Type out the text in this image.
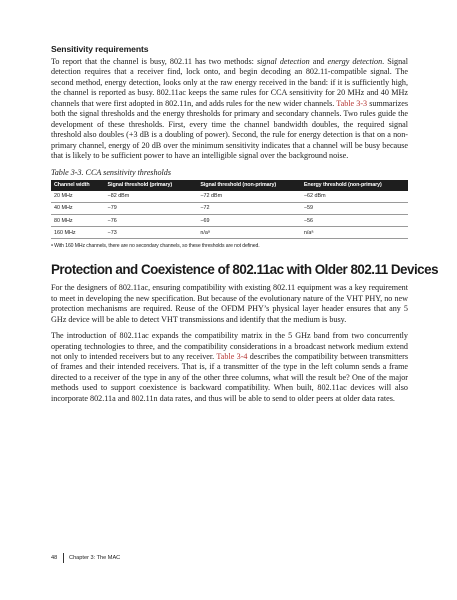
Sensitivity requirements

To report that the channel is busy, 802.11 has two methods: signal detection and energy detection. Signal detection requires that a receiver find, lock onto, and begin decoding an 802.11-compatible signal. The second method, energy detection, looks only at the raw energy received in the band: if it is sufficiently high, the channel is reported as busy. 802.11ac keeps the same rules for CCA sensitivity for 20 MHz and 40 MHz channels that were first adopted in 802.11n, and adds rules for the new wider channels. Table 3-3 summarizes both the signal thresholds and the energy thresholds for primary and secondary channels. Two rules guide the development of these thresholds. First, every time the channel bandwidth doubles, the required signal threshold also doubles (+3 dB is a doubling of power). Second, the rule for energy detection is that on a non-primary channel, energy of 20 dB over the minimum sensitivity indicates that a channel will be busy because that is likely to be sufficient power to have an intelligible signal over the background noise.

Table 3-3. CCA sensitivity thresholds
Channel width	Signal threshold (primary)	Signal threshold (non-primary)	Energy threshold (non-primary)
20 MHz	−82 dBm	−72 dBm	−62 dBm
40 MHz	−79	−72	−59
80 MHz	−76	−69	−56
160 MHz	−73	n/aᵃ	n/aᵃ
ᵃ With 160 MHz channels, there are no secondary channels, so these thresholds are not defined.
Protection and Coexistence of 802.11ac with Older 802.11 Devices

For the designers of 802.11ac, ensuring compatibility with existing 802.11 equipment was a key requirement to meet in developing the new specification. But because of the evolutionary nature of the VHT PHY, no new protection mechanisms are required. Reuse of the OFDM PHY’s physical layer header ensures that any 5 GHz device will be able to detect VHT transmissions and identify that the medium is busy.

The introduction of 802.11ac expands the compatibility matrix in the 5 GHz band from two concurrently operating technologies to three, and the compatibility considerations in a broadcast network medium extend not only to intended receivers but to any receiver. Table 3-4 describes the compatibility between transmitters of frames and their intended receivers. That is, if a transmitter of the type in the left column sends a frame directed to a receiver of the type in any of the other three columns, what will the result be? One of the major methods used to support coexistence is backward compatibility. When built, 802.11ac devices will also incorporate 802.11a and 802.11n data rates, and thus will be able to send to older peers at older data rates.

48 Chapter 3: The MAC
